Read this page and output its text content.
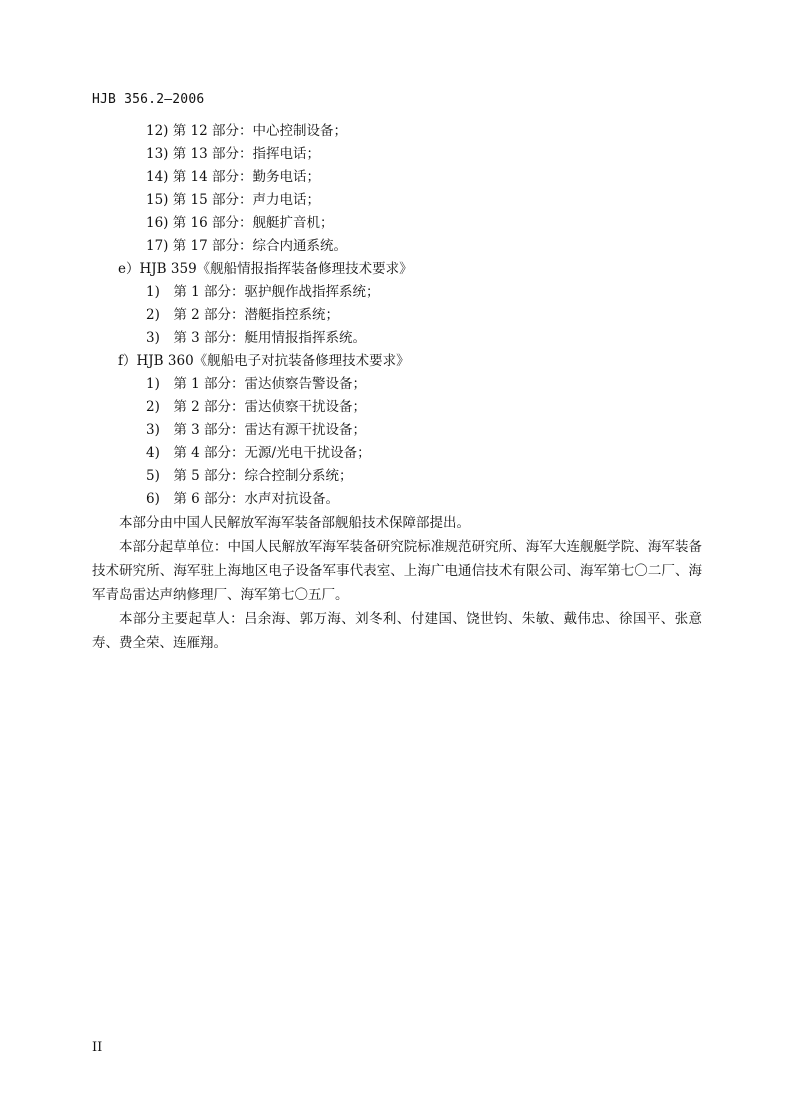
HJB 356.2—2006
12) 第 12 部分：中心控制设备；
13) 第 13 部分：指挥电话；
14) 第 14 部分：勤务电话；
15) 第 15 部分：声力电话；
16) 第 16 部分：舰艇扩音机；
17) 第 17 部分：综合内通系统。
e）HJB 359《舰船情报指挥装备修理技术要求》
1)　第 1 部分：驱护舰作战指挥系统；
2)　第 2 部分：潜艇指控系统；
3)　第 3 部分：艇用情报指挥系统。
f）HJB 360《舰船电子对抗装备修理技术要求》
1)　第 1 部分：雷达侦察告警设备；
2)　第 2 部分：雷达侦察干扰设备；
3)　第 3 部分：雷达有源干扰设备；
4)　第 4 部分：无源/光电干扰设备；
5)　第 5 部分：综合控制分系统；
6)　第 6 部分：水声对抗设备。

本部分由中国人民解放军海军装备部舰船技术保障部提出。

本部分起草单位：中国人民解放军海军装备研究院标准规范研究所、海军大连舰艇学院、海军装备技术研究所、海军驻上海地区电子设备军事代表室、上海广电通信技术有限公司、海军第七〇二厂、海军青岛雷达声纳修理厂、海军第七〇五厂。

本部分主要起草人：吕余海、郭万海、刘冬利、付建国、饶世钧、朱敏、戴伟忠、徐国平、张意寿、费全荣、连雁翔。

II
